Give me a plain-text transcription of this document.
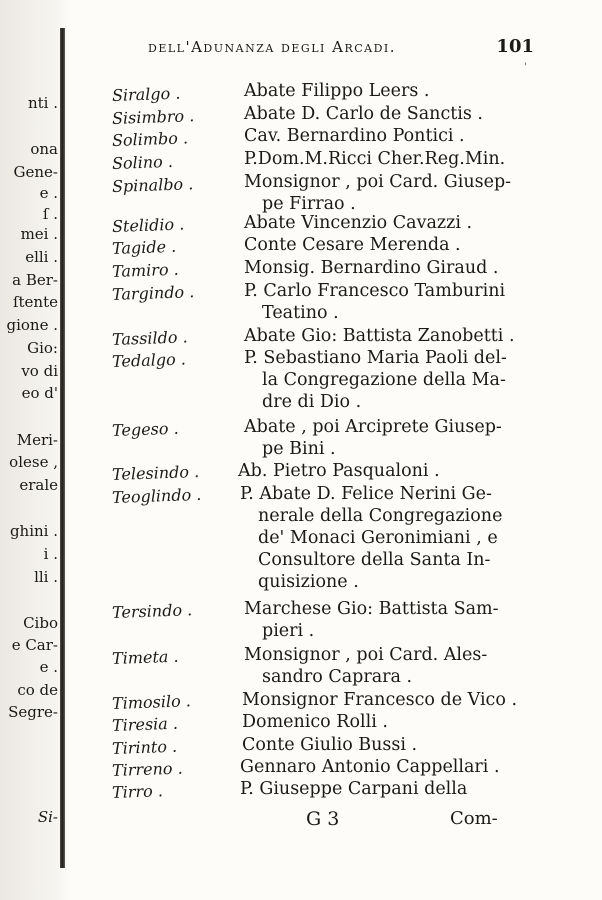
nti .
ona
Gene-
e .
ſ .
mei .
elli .
a Ber-
ſtente
gione .
Gio:
vo di
eo d'
Meri-
olese ,
erale
ghini .
i .
lli .
Cibo
e Car-
e .
co de
Segre-
Si-
dell'Adunanza degli Arcadi.	101
'
Siralgo .	Abate Filippo Leers .
Sisimbro .	Abate D. Carlo de Sanctis .
Solimbo .	Cav. Bernardino Pontici .
Solino .	P.Dom.M.Ricci Cher.Reg.Min.
Spinalbo .	Monsignor , poi Card. Giusep-
pe Firrao .
Stelidio .	Abate Vincenzio Cavazzi .
Tagide .	Conte Cesare Merenda .
Tamiro .	Monsig. Bernardino Giraud .
Targindo .	P. Carlo Francesco Tamburini
Teatino .
Tassildo .	Abate Gio: Battista Zanobetti .
Tedalgo .	P. Sebastiano Maria Paoli del-
la Congregazione della Ma-
dre di Dio .
Tegeso .	Abate , poi Arciprete Giusep-
pe Bini .
Telesindo . Ab. Pietro Pasqualoni .
Teoglindo . P. Abate D. Felice Nerini Ge-
nerale della Congregazione
de' Monaci Geronimiani , e
Consultore della Santa In-
quisizione .
Tersindo .	Marchese Gio: Battista Sam-
pieri .
Timeta .	Monsignor , poi Card. Ales-
sandro Caprara .
Timosilo .	Monsignor Francesco de Vico .
Tiresia .	Domenico Rolli .
Tirinto .	Conte Giulio Bussi .
Tirreno .	Gennaro Antonio Cappellari .
Tirro .	P. Giuseppe Carpani della
G 3	Com-
